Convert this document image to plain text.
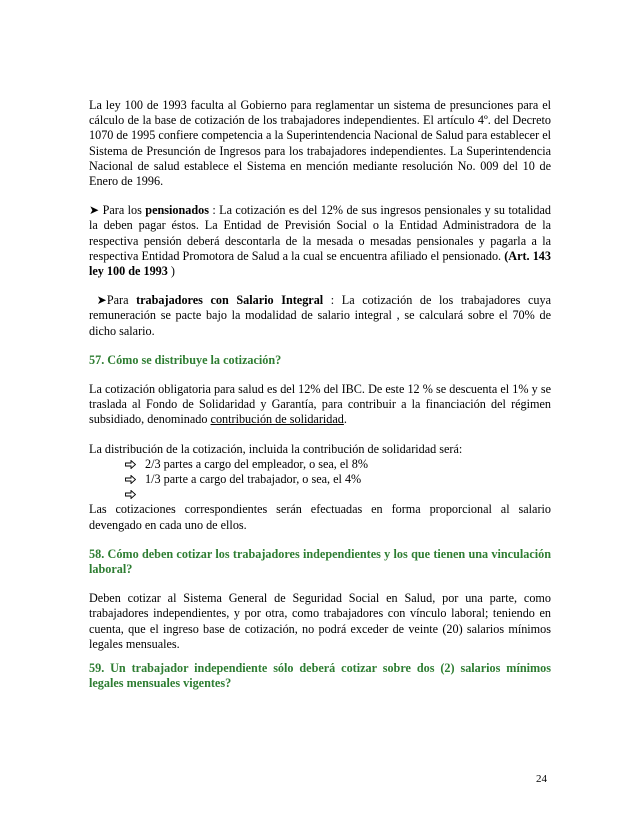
La ley 100 de 1993 faculta al Gobierno para reglamentar un sistema de presunciones para el cálculo de la base de cotización de los trabajadores independientes. El artículo 4º. del Decreto 1070 de 1995 confiere competencia a la Superintendencia Nacional de Salud para establecer el Sistema de Presunción de Ingresos para los trabajadores independientes. La Superintendencia Nacional de salud establece el Sistema en mención mediante resolución No. 009 del 10 de Enero de 1996.

➤ Para los pensionados : La cotización es del 12% de sus ingresos pensionales y su totalidad la deben pagar éstos. La Entidad de Previsión Social o la Entidad Administradora de la respectiva pensión deberá descontarla de la mesada o mesadas pensionales y pagarla a la respectiva Entidad Promotora de Salud a la cual se encuentra afiliado el pensionado. (Art. 143 ley 100 de 1993 )

➤Para trabajadores con Salario Integral : La cotización de los trabajadores cuya remuneración se pacte bajo la modalidad de salario integral , se calculará sobre el 70% de dicho salario.

57. Cómo se distribuye la cotización?

La cotización obligatoria para salud es del 12% del IBC. De este 12 % se descuenta el 1% y se traslada al Fondo de Solidaridad y Garantía, para contribuir a la financiación del régimen subsidiado, denominado contribución de solidaridad.

La distribución de la cotización, incluida la contribución de solidaridad será:

2/3 partes a cargo del empleador, o sea, el 8%
1/3 parte a cargo del trabajador, o sea, el 4%

Las cotizaciones correspondientes serán efectuadas en forma proporcional al salario devengado en cada uno de ellos.

58. Cómo deben cotizar los trabajadores independientes y los que tienen una vinculación laboral?

Deben cotizar al Sistema General de Seguridad Social en Salud, por una parte, como trabajadores independientes, y por otra, como trabajadores con vínculo laboral; teniendo en cuenta, que el ingreso base de cotización, no podrá exceder de veinte (20) salarios mínimos legales mensuales.

59. Un trabajador independiente sólo deberá cotizar sobre dos (2) salarios mínimos legales mensuales vigentes?

24
